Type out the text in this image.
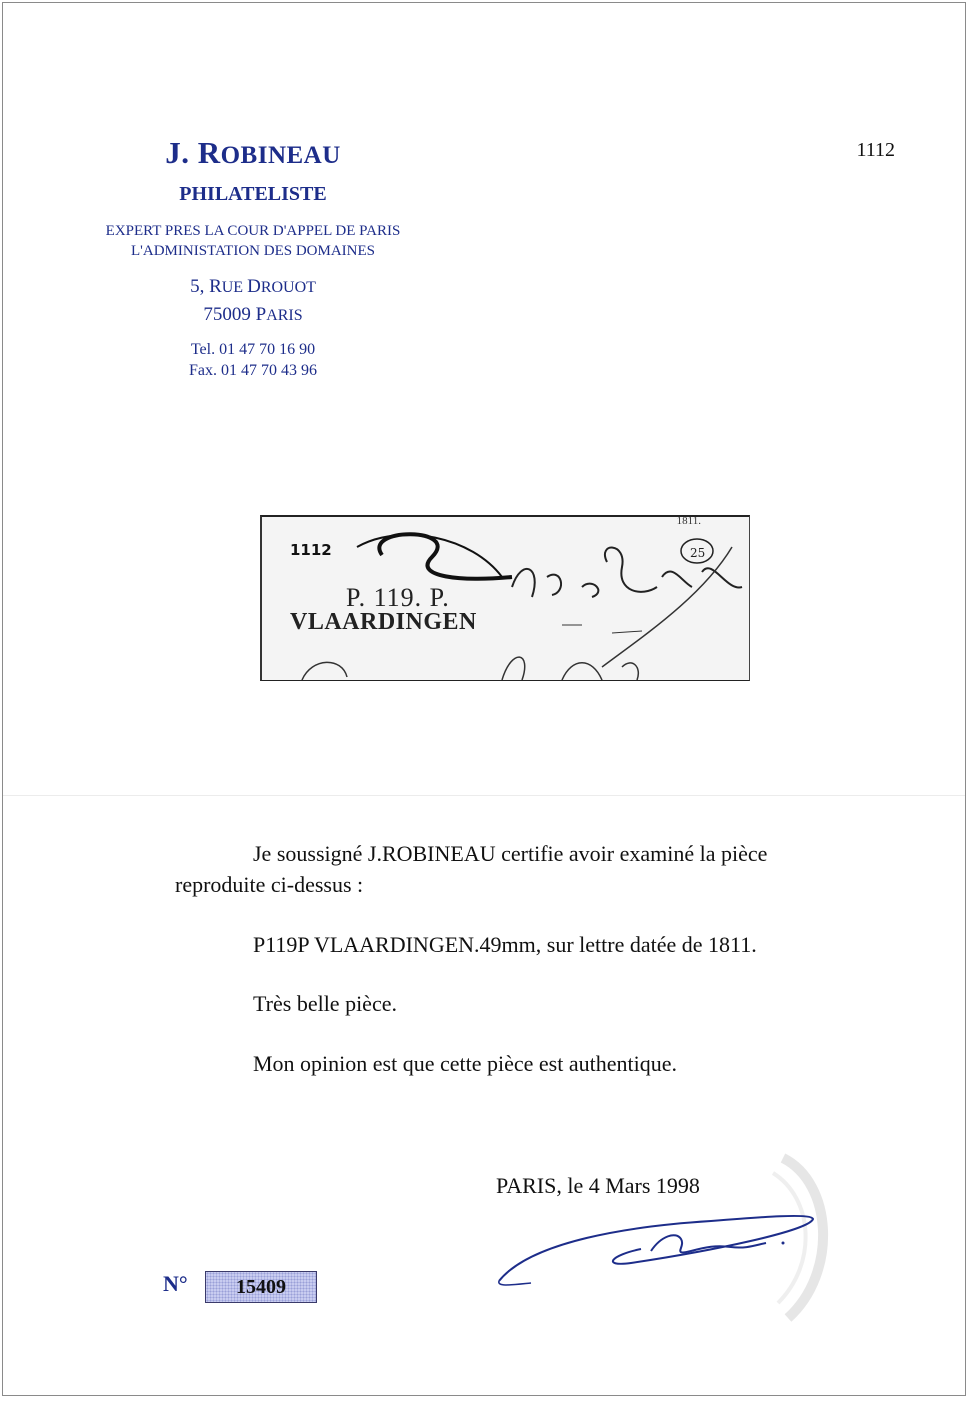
J. ROBINEAU
PHILATELISTE
EXPERT PRES LA COUR D'APPEL DE PARIS
L'ADMINISTATION DES DOMAINES
5, RUE DROUOT
75009 PARIS
Tel. 01 47 70 16 90
Fax. 01 47 70 43 96
1112
25
1811.
1112
P. 119. P.
VLAARDINGEN
Je soussigné J.ROBINEAU certifie avoir examiné la pièce
reproduite ci-dessus :
P119P VLAARDINGEN.49mm, sur lettre datée de 1811.
Très belle pièce.
Mon opinion est que cette pièce est authentique.
PARIS, le 4 Mars 1998
N°	15409
